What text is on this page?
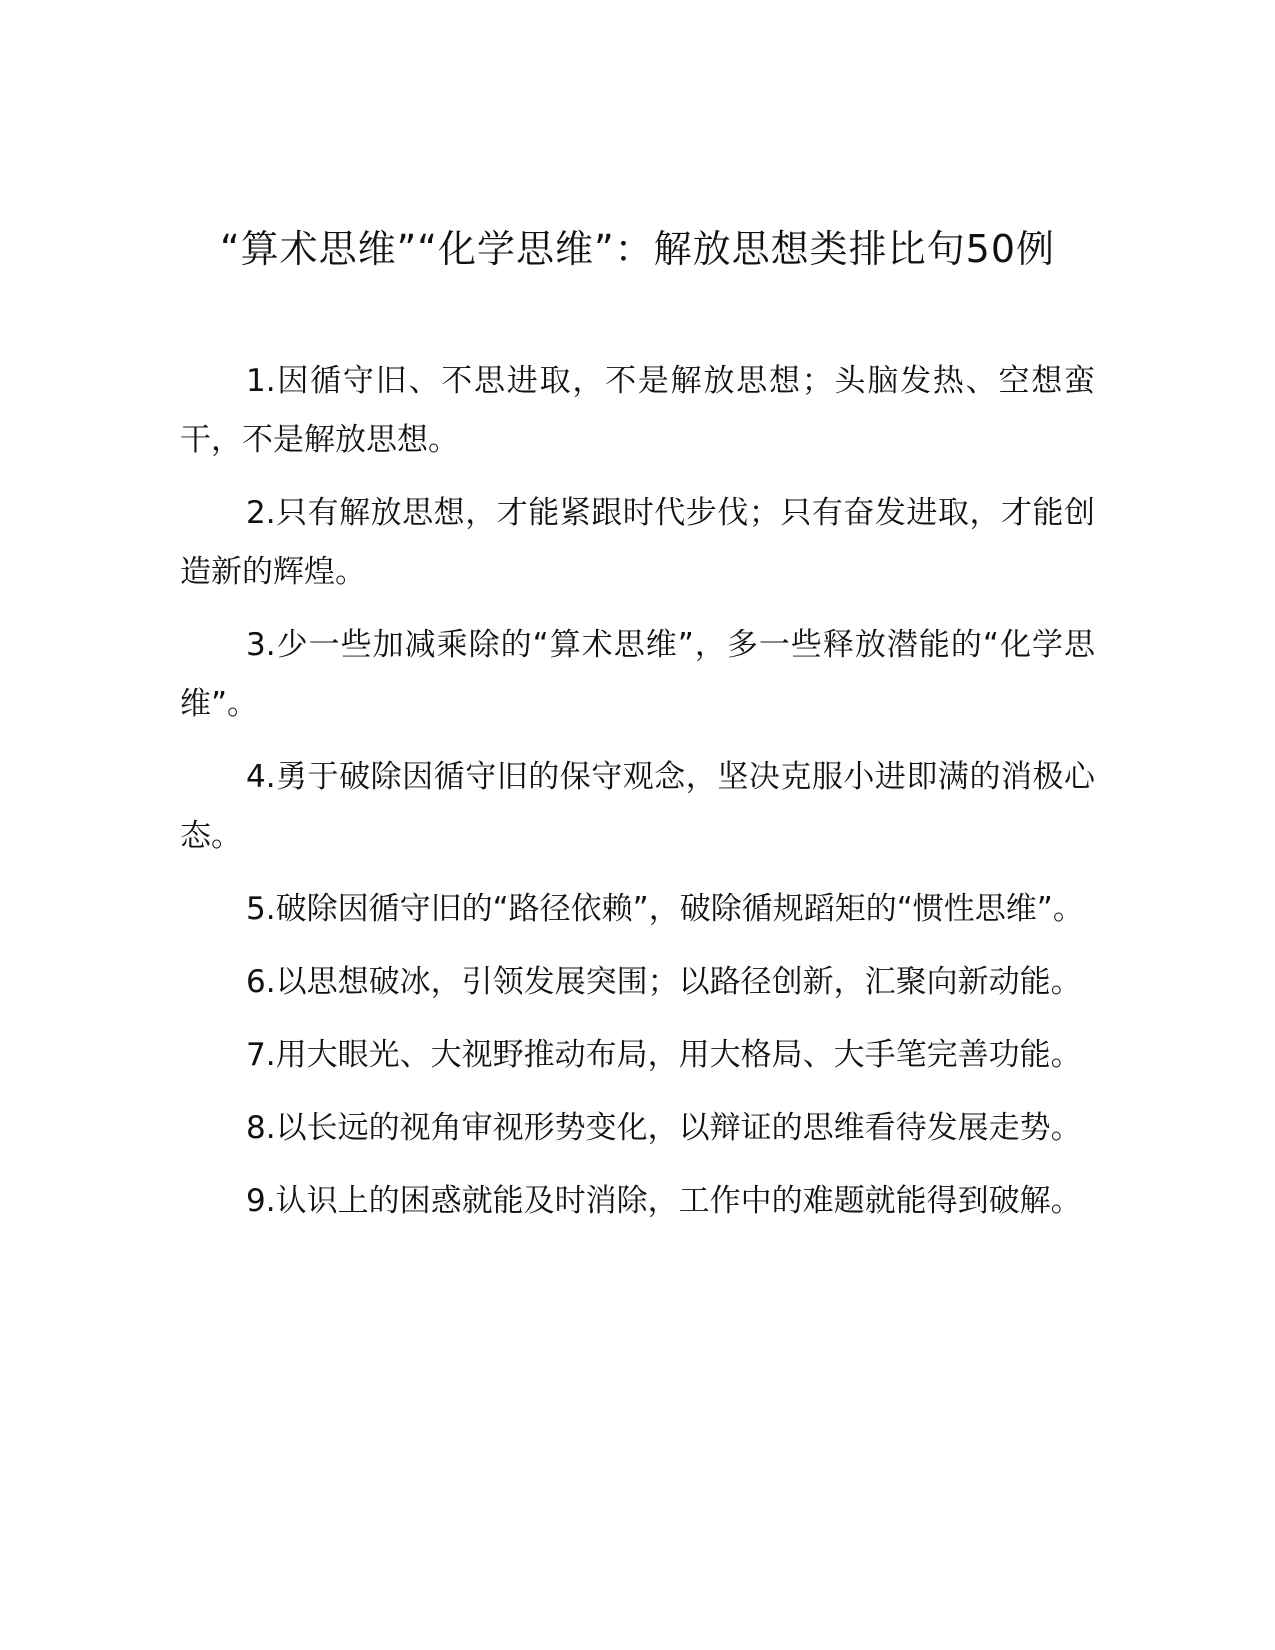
“算术思维”“化学思维”：解放思想类排比句50例

1.因循守旧、不思进取，不是解放思想；头脑发热、空想蛮干，不是解放思想。

2.只有解放思想，才能紧跟时代步伐；只有奋发进取，才能创造新的辉煌。

3.少一些加减乘除的“算术思维”，多一些释放潜能的“化学思维”。

4.勇于破除因循守旧的保守观念，坚决克服小进即满的消极心态。

5.破除因循守旧的“路径依赖”，破除循规蹈矩的“惯性思维”。

6.以思想破冰，引领发展突围；以路径创新，汇聚向新动能。

7.用大眼光、大视野推动布局，用大格局、大手笔完善功能。

8.以长远的视角审视形势变化，以辩证的思维看待发展走势。

9.认识上的困惑就能及时消除，工作中的难题就能得到破解。
